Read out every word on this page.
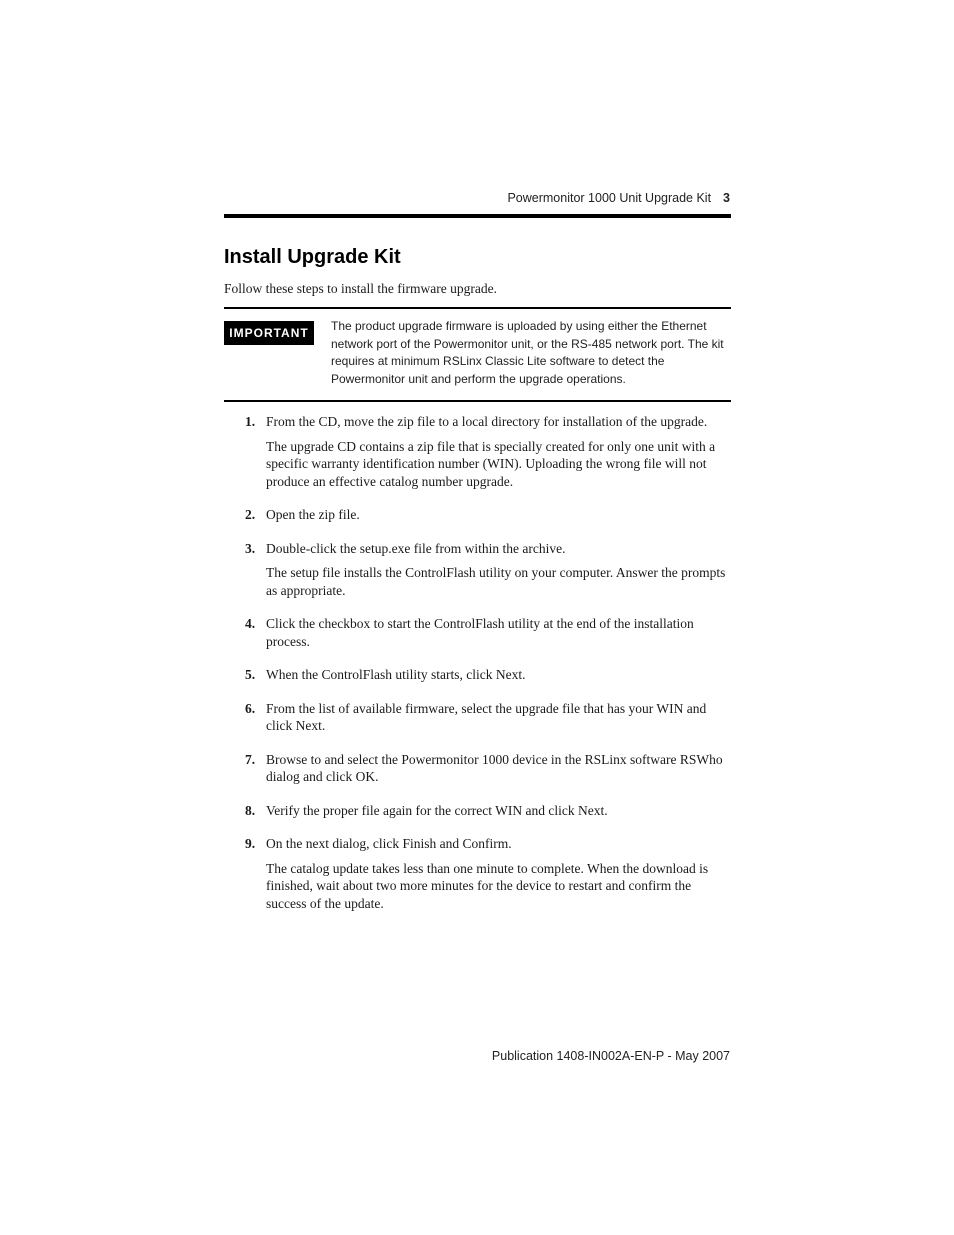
Powermonitor 1000 Unit Upgrade Kit 3
Install Upgrade Kit

Follow these steps to install the firmware upgrade.

IMPORTANT	The product upgrade firmware is uploaded by using either the Ethernet network port of the Powermonitor unit, or the RS-485 network port. The kit requires at minimum RSLinx Classic Lite software to detect the Powermonitor unit and perform the upgrade operations.

1. From the CD, move the zip file to a local directory for installation of the upgrade.

The upgrade CD contains a zip file that is specially created for only one unit with a specific warranty identification number (WIN). Uploading the wrong file will not produce an effective catalog number upgrade.

2. Open the zip file.

3. Double-click the setup.exe file from within the archive.

The setup file installs the ControlFlash utility on your computer. Answer the prompts as appropriate.

4. Click the checkbox to start the ControlFlash utility at the end of the installation process.

5. When the ControlFlash utility starts, click Next.

6. From the list of available firmware, select the upgrade file that has your WIN and click Next.

7. Browse to and select the Powermonitor 1000 device in the RSLinx software RSWho dialog and click OK.

8. Verify the proper file again for the correct WIN and click Next.

9. On the next dialog, click Finish and Confirm.

The catalog update takes less than one minute to complete. When the download is finished, wait about two more minutes for the device to restart and confirm the success of the update.

Publication 1408-IN002A-EN-P - May 2007
